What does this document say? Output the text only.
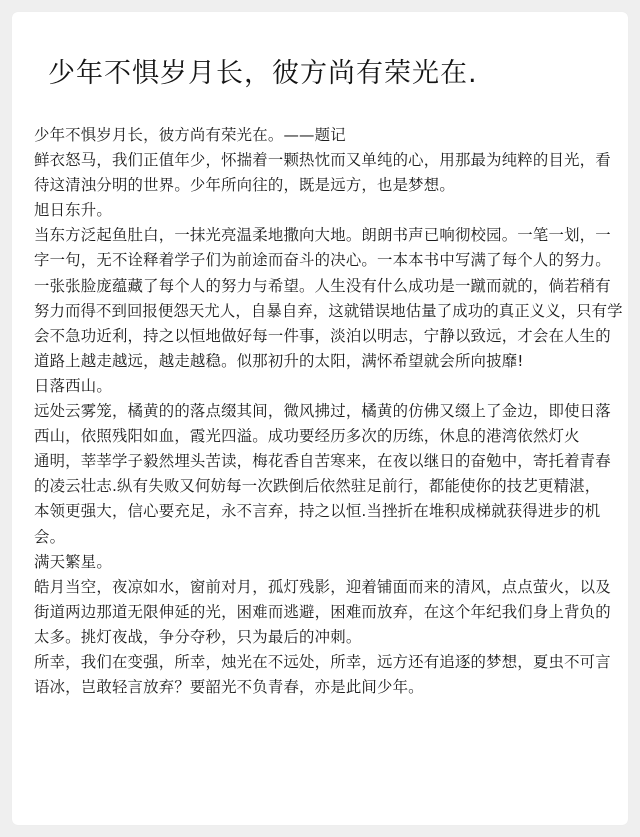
少年不惧岁月长，彼方尚有荣光在.
少年不惧岁月长，彼方尚有荣光在。——题记
鲜衣怒马，我们正值年少，怀揣着一颗热忱而又单纯的心，用那最为纯粹的目光，看
待这清浊分明的世界。少年所向往的，既是远方，也是梦想。
旭日东升。
当东方泛起鱼肚白，一抹光亮温柔地撒向大地。朗朗书声已响彻校园。一笔一划，一
字一句，无不诠释着学子们为前途而奋斗的决心。一本本书中写满了每个人的努力。
一张张脸庞蕴藏了每个人的努力与希望。人生没有什么成功是一蹴而就的，倘若稍有
努力而得不到回报便怨天尤人，自暴自弃，这就错误地估量了成功的真正义义，只有学
会不急功近利，持之以恒地做好每一件事，淡泊以明志，宁静以致远，才会在人生的
道路上越走越远，越走越稳。似那初升的太阳，满怀希望就会所向披靡!
日落西山。
远处云雾笼，橘黄的的落点缀其间，微风拂过，橘黄的仿佛又缀上了金边，即使日落
西山，依照残阳如血，霞光四溢。成功要经历多次的历练，休息的港湾依然灯火
通明，莘莘学子毅然埋头苦读，梅花香自苦寒来，在夜以继日的奋勉中，寄托着青春
的凌云壮志.纵有失败又何妨每一次跌倒后依然驻足前行，都能使你的技艺更精湛，
本领更强大，信心要充足，永不言弃，持之以恒.当挫折在堆积成梯就获得进步的机
会。
满天繁星。
皓月当空，夜凉如水，窗前对月，孤灯残影，迎着铺面而来的清风，点点萤火，以及
街道两边那道无限伸延的光，困难而逃避，困难而放弃，在这个年纪我们身上背负的
太多。挑灯夜战，争分夺秒，只为最后的冲刺。
所幸，我们在变强，所幸，烛光在不远处，所幸，远方还有追逐的梦想，夏虫不可言
语冰，岂敢轻言放弃？要韶光不负青春，亦是此间少年。
